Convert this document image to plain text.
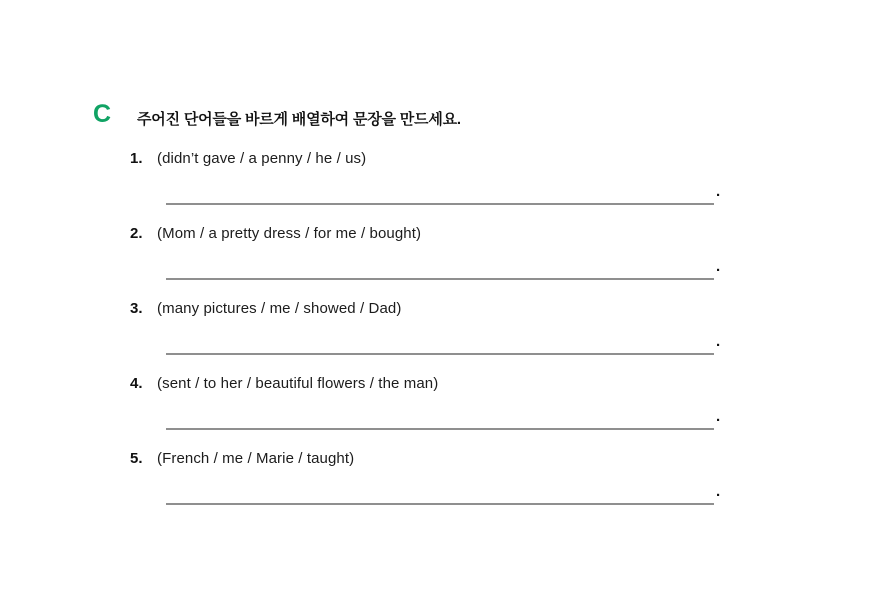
C 주어진 단어들을 바르게 배열하여 문장을 만드세요.
1. (didn’t gave / a penny / he / us)
.
2. (Mom / a pretty dress / for me / bought)
.
3. (many pictures / me / showed / Dad)
.
4. (sent / to her / beautiful flowers / the man)
.
5. (French / me / Marie / taught)
.
